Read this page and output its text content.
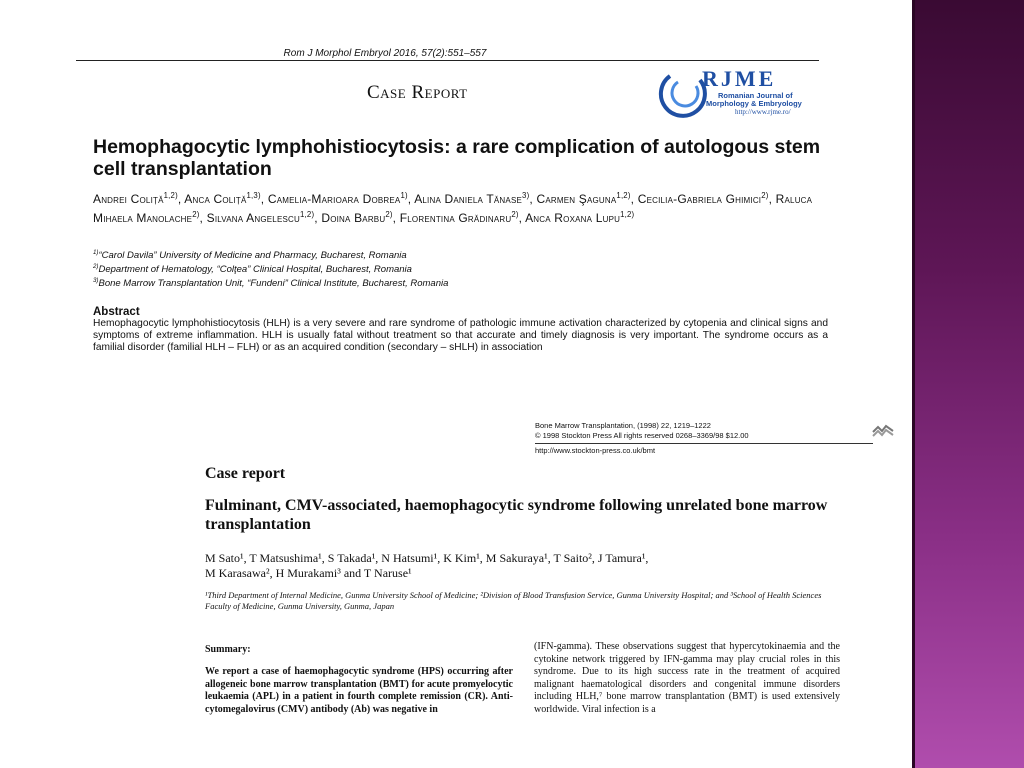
Rom J Morphol Embryol 2016, 57(2):551–557
Case Report
RJME
Romanian Journal of
Morphology & Embryology
http://www.rjme.ro/
Hemophagocytic lymphohistiocytosis: a rare complication of autologous stem cell transplantation
Andrei Coliță$^{1,2)}$, Anca Coliță$^{1,3)}$, Camelia-Marioara Dobrea$^{1)}$, Alina Daniela Tănase$^{3)}$, Carmen Şaguna$^{1,2)}$, Cecilia-Gabriela Ghimici$^{2)}$, Raluca Mihaela Manolache$^{2)}$, Silvana Angelescu$^{1,2)}$, Doina Barbu$^{2)}$, Florentina Grădinaru$^{2)}$, Anca Roxana Lupu$^{1,2)}$
$^{1)}$“Carol Davila” University of Medicine and Pharmacy, Bucharest, Romania
$^{2)}$Department of Hematology, “Colţea” Clinical Hospital, Bucharest, Romania
$^{3)}$Bone Marrow Transplantation Unit, “Fundeni” Clinical Institute, Bucharest, Romania
Abstract
Hemophagocytic lymphohistiocytosis (HLH) is a very severe and rare syndrome of pathologic immune activation characterized by cytopenia and clinical signs and symptoms of extreme inflammation. HLH is usually fatal without treatment so that accurate and timely diagnosis is very important. The syndrome occurs as a familial disorder (familial HLH – FLH) or as an acquired condition (secondary – sHLH) in association
Bone Marrow Transplantation, (1998) 22, 1219–1222
© 1998 Stockton Press All rights reserved 0268–3369/98 $12.00
http://www.stockton-press.co.uk/bmt
Case report
Fulminant, CMV-associated, haemophagocytic syndrome following unrelated bone marrow transplantation
M Sato¹, T Matsushima¹, S Takada¹, N Hatsumi¹, K Kim¹, M Sakuraya¹, T Saito², J Tamura¹,
M Karasawa², H Murakami³ and T Naruse¹
¹Third Department of Internal Medicine, Gunma University School of Medicine; ²Division of Blood Transfusion Service, Gunma University Hospital; and ³School of Health Sciences Faculty of Medicine, Gunma University, Gunma, Japan
Summary:
We report a case of haemophagocytic syndrome (HPS) occurring after allogeneic bone marrow transplantation (BMT) for acute promyelocytic leukaemia (APL) in a patient in fourth complete remission (CR). Anti-cytomegalovirus (CMV) antibody (Ab) was negative in
(IFN-gamma). These observations suggest that hypercytokinaemia and the cytokine network triggered by IFN-gamma may play crucial roles in this syndrome. Due to its high success rate in the treatment of acquired malignant haematological disorders and congenital immune disorders including HLH,⁷ bone marrow transplantation (BMT) is used extensively worldwide. Viral infection is a
